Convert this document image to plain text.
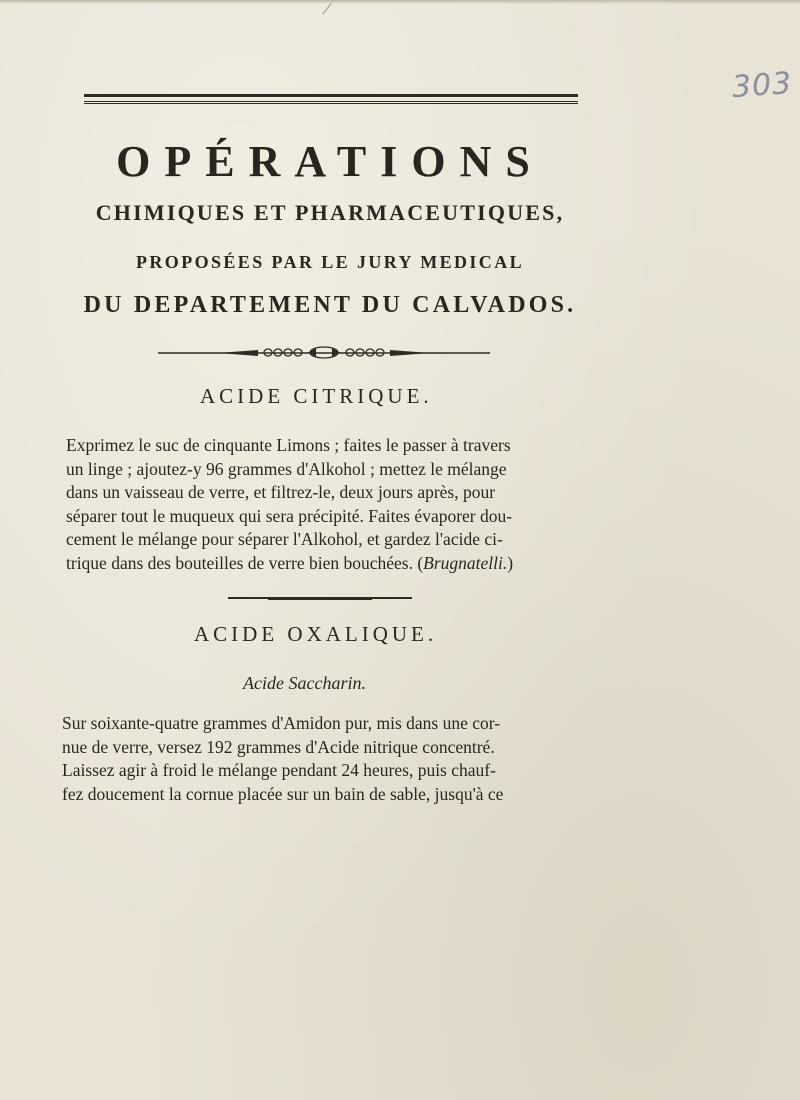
303
OPÉRATIONS
CHIMIQUES ET PHARMACEUTIQUES,
PROPOSÉES PAR LE JURY MEDICAL
DU DEPARTEMENT DU CALVADOS.
ACIDE CITRIQUE.
Exprimez le suc de cinquante Limons ; faites le passer à travers
un linge ; ajoutez-y 96 grammes d'Alkohol ; mettez le mélange
dans un vaisseau de verre, et filtrez-le, deux jours après, pour
séparer tout le muqueux qui sera précipité. Faites évaporer dou-
cement le mélange pour séparer l'Alkohol, et gardez l'acide ci-
trique dans des bouteilles de verre bien bouchées. (Brugnatelli.)
ACIDE OXALIQUE.
Acide Saccharin.
Sur soixante-quatre grammes d'Amidon pur, mis dans une cor-
nue de verre, versez 192 grammes d'Acide nitrique concentré.
Laissez agir à froid le mélange pendant 24 heures, puis chauf-
fez doucement la cornue placée sur un bain de sable, jusqu'à ce
